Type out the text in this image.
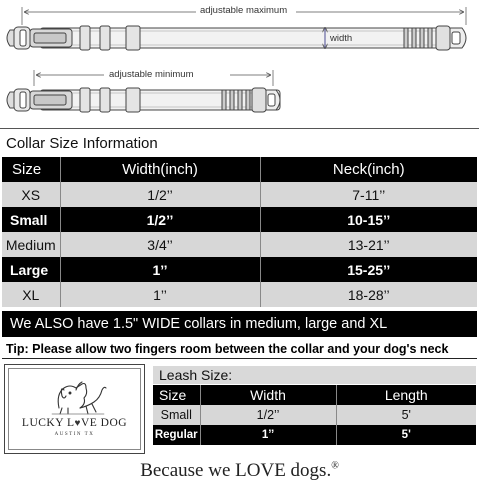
adjustable maximum
width
adjustable minimum
Collar Size Information
Size	Width(inch)	Neck(inch)
XS	1/2’’	7-11’’
Small	1/2’’	10-15’’
Medium	3/4’’	13-21’’
Large	1’’	15-25’’
XL	1’’	18-28’’
We ALSO have 1.5" WIDE collars in medium, large and XL
Tip: Please allow two fingers room between the collar and your dog's neck
LUCKY L♥VE DOG
AUSTIN TX
Leash Size:
Size	Width	Length
Small	1/2’’	5'
Regular	1’’	5'
Because we LOVE dogs.®
